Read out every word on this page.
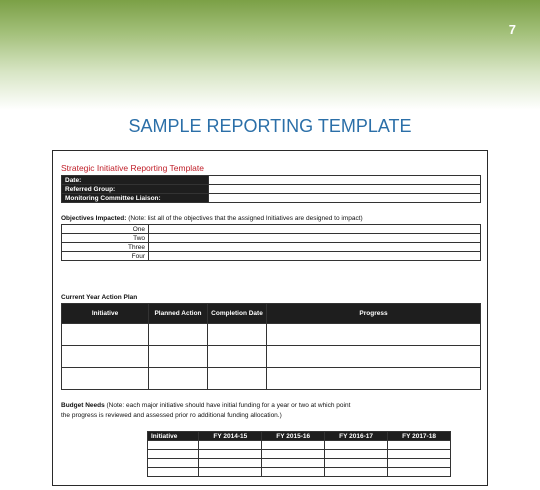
7
SAMPLE REPORTING TEMPLATE
Strategic Initiative Reporting Template
Date:	
Referred Group:	
Monitoring Committee Liaison:	
Objectives Impacted: (Note: list all of the objectives that the assigned Initiatives are designed to impact)
One	
Two	
Three	
Four	
Current Year Action Plan
Initiative	Planned Action	Completion Date	Progress

Budget Needs (Note: each major initiative should have initial funding for a year or two at which point
the progress is reviewed and assessed prior ro additional funding allocation.)
Initiative	FY 2014-15	FY 2015-16	FY 2016-17	FY 2017-18
